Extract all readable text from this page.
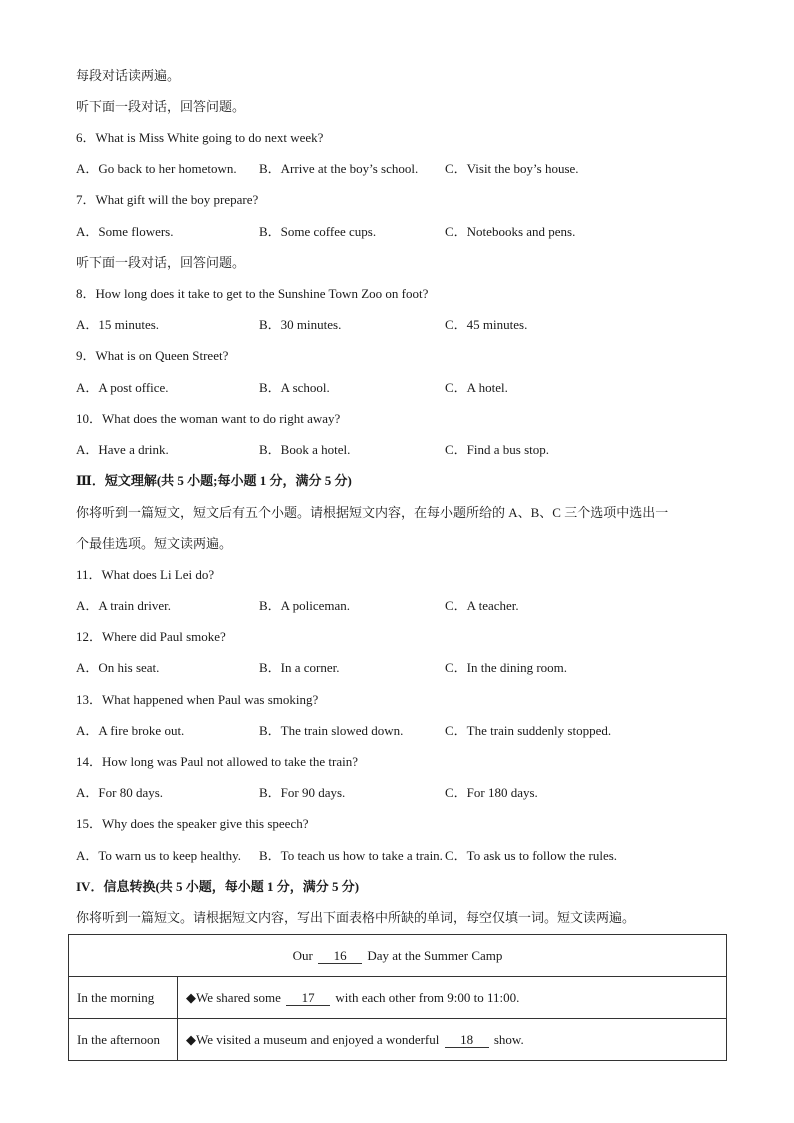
每段对话读两遍。
听下面一段对话，回答问题。
6．What is Miss White going to do next week?
A．Go back to her hometown. B．Arrive at the boy’s school. C．Visit the boy’s house.
7．What gift will the boy prepare?
A．Some flowers.	B．Some coffee cups.	C．Notebooks and pens.
听下面一段对话，回答问题。
8．How long does it take to get to the Sunshine Town Zoo on foot?
A．15 minutes.	B．30 minutes.	C．45 minutes.
9．What is on Queen Street?
A．A post office.	B．A school.	C．A hotel.
10．What does the woman want to do right away?
A．Have a drink.	B．Book a hotel.	C．Find a bus stop.
Ⅲ．短文理解(共 5 小题;每小题 1 分，满分 5 分)
你将听到一篇短文，短文后有五个小题。请根据短文内容，在每小题所给的 A、B、C 三个选项中选出一
个最佳选项。短文读两遍。
11．What does Li Lei do?
A．A train driver.	B．A policeman.	C．A teacher.
12．Where did Paul smoke?
A．On his seat.	B．In a corner.	C．In the dining room.
13．What happened when Paul was smoking?
A．A fire broke out.	B．The train slowed down.	C．The train suddenly stopped.
14．How long was Paul not allowed to take the train?
A．For 80 days.	B．For 90 days.	C．For 180 days.
15．Why does the speaker give this speech?
A．To warn us to keep healthy. B．To teach us how to take a train. C．To ask us to follow the rules.
IV．信息转换(共 5 小题，每小题 1 分，满分 5 分)
你将听到一篇短文。请根据短文内容，写出下面表格中所缺的单词，每空仅填一词。短文读两遍。
Our 16 Day at the Summer Camp	
In the morning	◆We shared some 17 with each other from 9:00 to 11:00.
In the afternoon	◆We visited a museum and enjoyed a wonderful 18 show.
